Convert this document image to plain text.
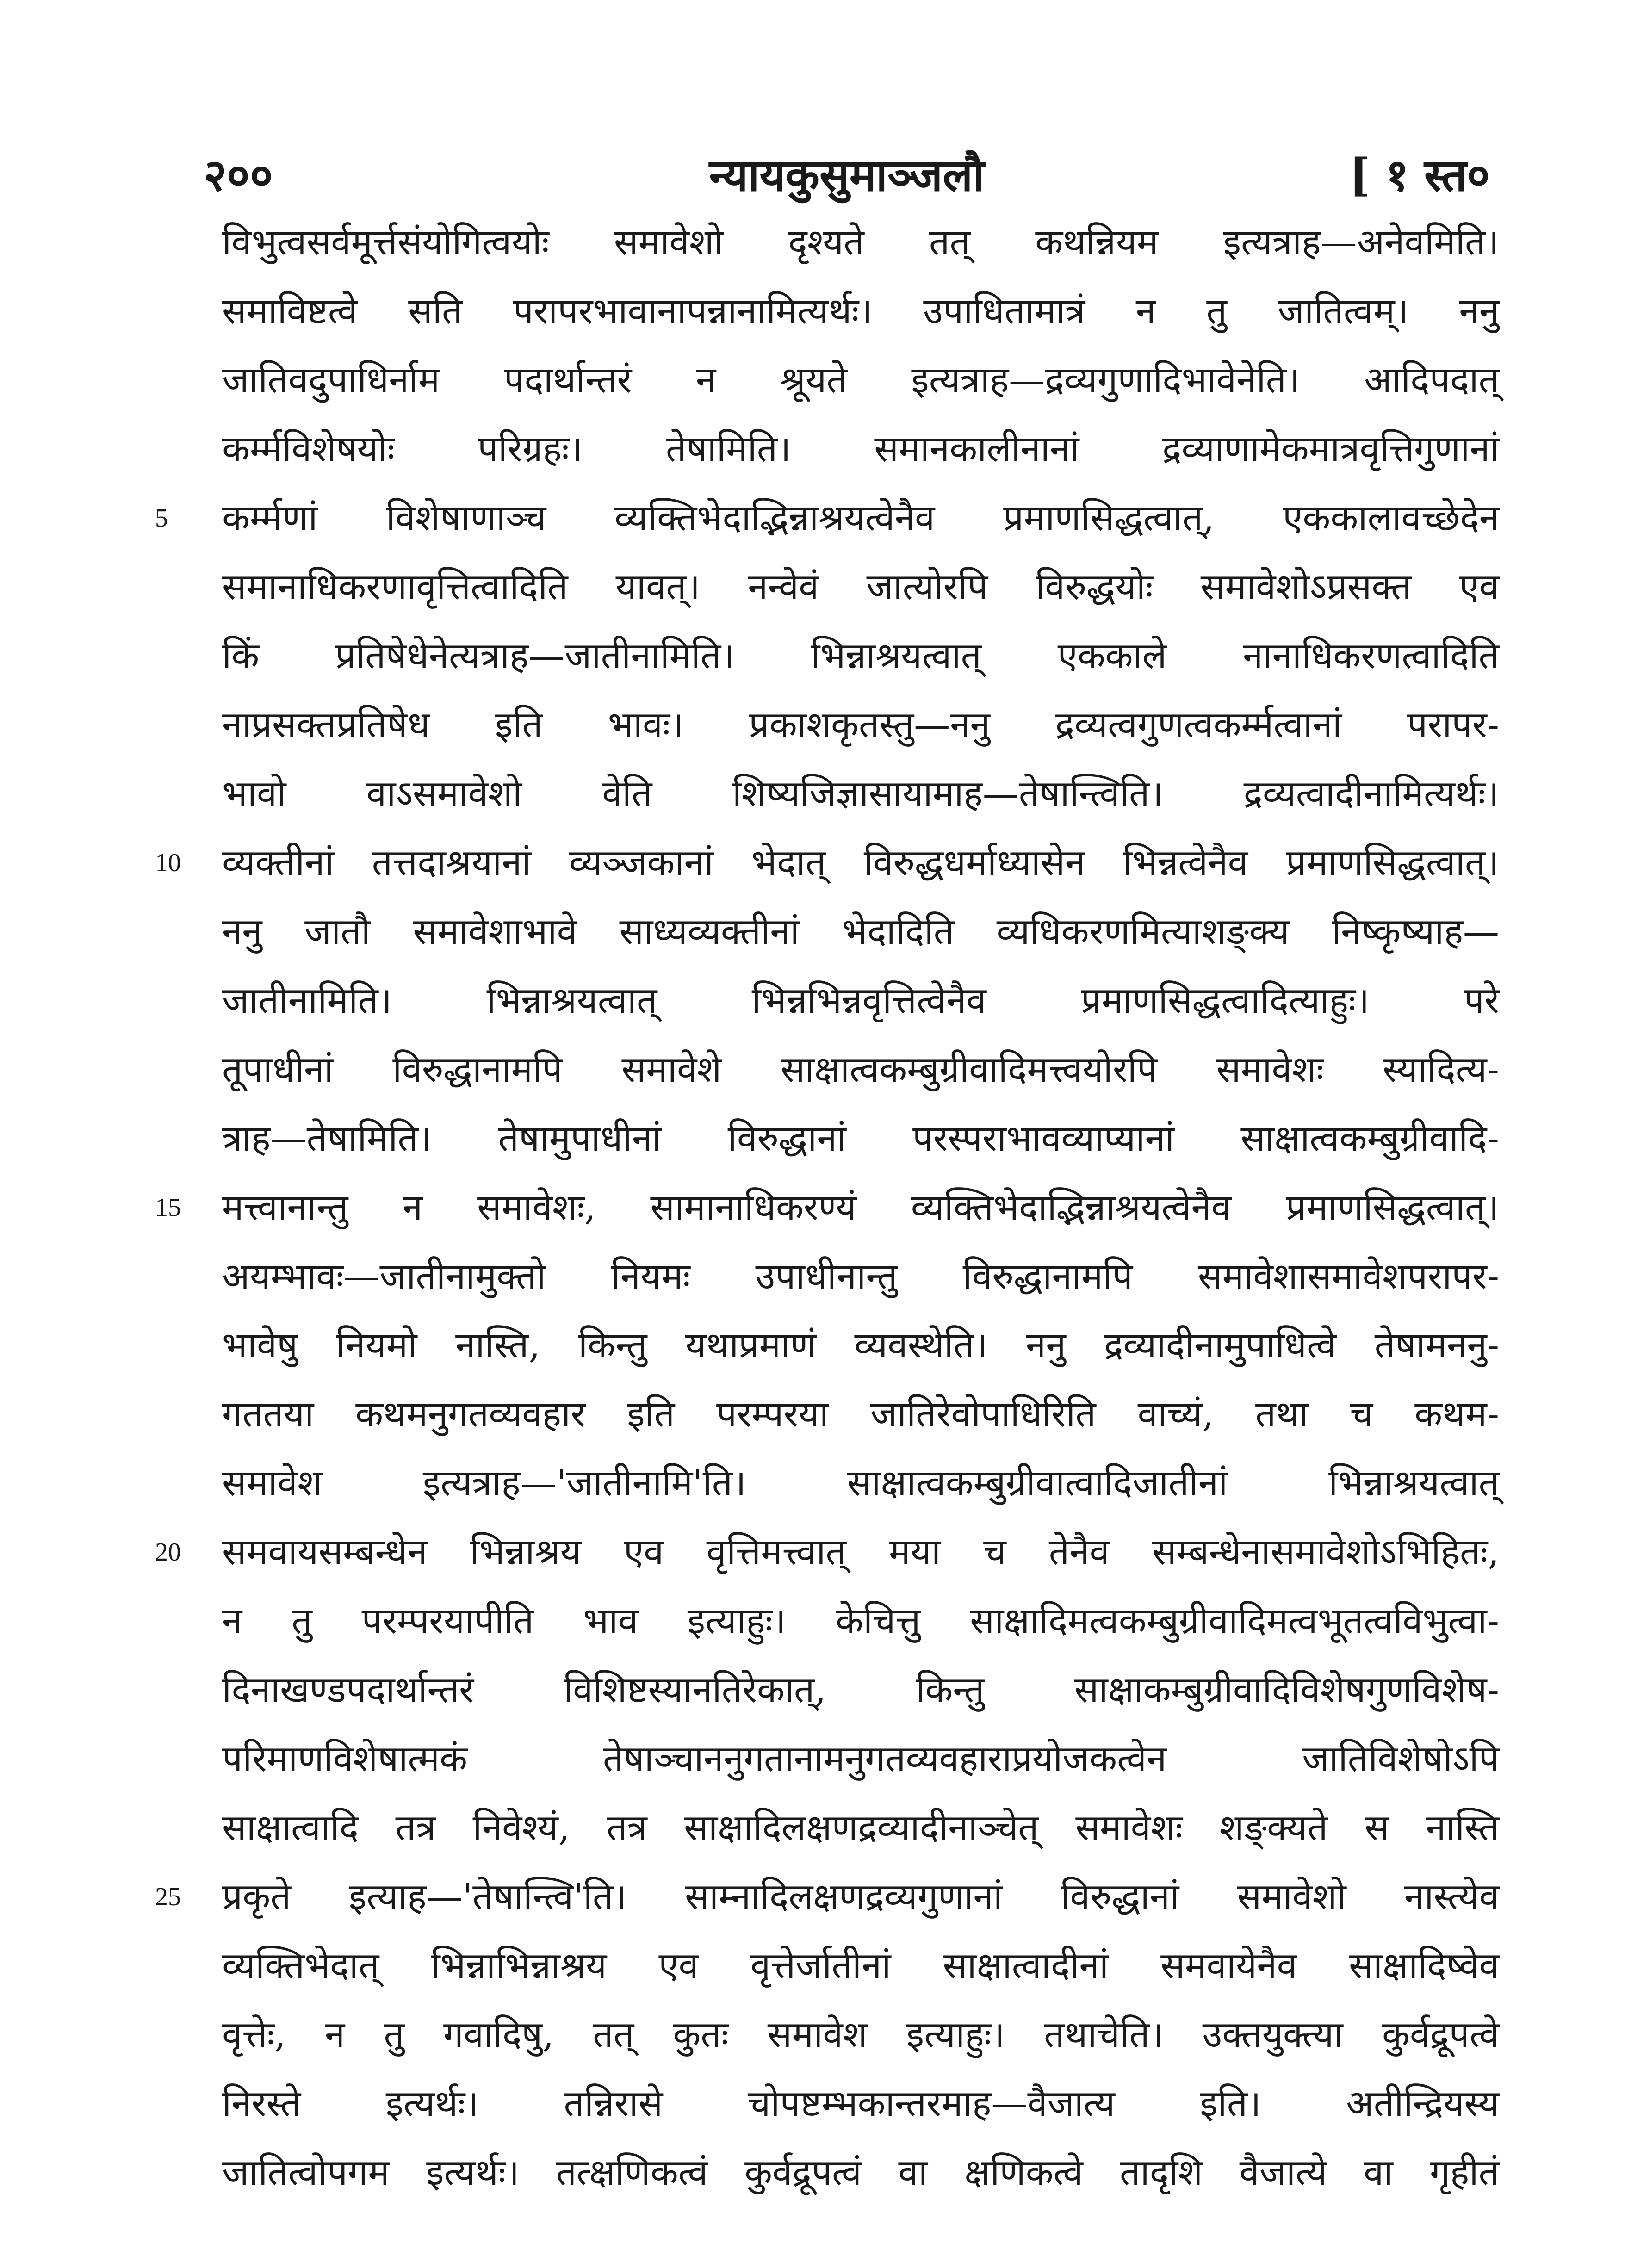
२००	न्यायकुसुमाञ्जलौ	[ १ स्त०
विभुत्वसर्वमूर्त्तसंयोगित्वयोः समावेशो दृश्यते तत् कथन्नियम इत्यत्राह—अनेवमिति।
समाविष्टत्वे सति परापरभावानापन्नानामित्यर्थः। उपाधितामात्रं न तु जातित्वम्। ननु
जातिवदुपाधिर्नाम पदार्थान्तरं न श्रूयते इत्यत्राह—द्रव्यगुणादिभावेनेति। आदिपदात्
कर्म्मविशेषयोः परिग्रहः। तेषामिति। समानकालीनानां द्रव्याणामेकमात्रवृत्तिगुणानां
5 कर्म्मणां विशेषाणाञ्च व्यक्तिभेदाद्भिन्नाश्रयत्वेनैव प्रमाणसिद्धत्वात्, एककालावच्छेदेन
समानाधिकरणावृत्तित्वादिति यावत्। नन्वेवं जात्योरपि विरुद्धयोः समावेशोऽप्रसक्त एव
किं प्रतिषेधेनेत्यत्राह—जातीनामिति। भिन्नाश्रयत्वात् एककाले नानाधिकरणत्वादिति
नाप्रसक्तप्रतिषेध इति भावः। प्रकाशकृतस्तु—ननु द्रव्यत्वगुणत्वकर्म्मत्वानां परापर-
भावो वाऽसमावेशो वेति शिष्यजिज्ञासायामाह—तेषान्त्विति। द्रव्यत्वादीनामित्यर्थः।
10 व्यक्तीनां तत्तदाश्रयानां व्यञ्जकानां भेदात् विरुद्धधर्माध्यासेन भिन्नत्वेनैव प्रमाणसिद्धत्वात्।
ननु जातौ समावेशाभावे साध्यव्यक्तीनां भेदादिति व्यधिकरणमित्याशङ्क्य निष्कृष्याह—
जातीनामिति। भिन्नाश्रयत्वात् भिन्नभिन्नवृत्तित्वेनैव प्रमाणसिद्धत्वादित्याहुः। परे
तूपाधीनां विरुद्धानामपि समावेशे साक्षात्वकम्बुग्रीवादिमत्त्वयोरपि समावेशः स्यादित्य-
त्राह—तेषामिति। तेषामुपाधीनां विरुद्धानां परस्पराभावव्याप्यानां साक्षात्वकम्बुग्रीवादि-
15 मत्त्वानान्तु न समावेशः, सामानाधिकरण्यं व्यक्तिभेदाद्भिन्नाश्रयत्वेनैव प्रमाणसिद्धत्वात्।
अयम्भावः—जातीनामुक्तो नियमः उपाधीनान्तु विरुद्धानामपि समावेशासमावेशपरापर-
भावेषु नियमो नास्ति, किन्तु यथाप्रमाणं व्यवस्थेति। ननु द्रव्यादीनामुपाधित्वे तेषामननु-
गततया कथमनुगतव्यवहार इति परम्परया जातिरेवोपाधिरिति वाच्यं, तथा च कथम-
समावेश इत्यत्राह—'जातीनामि'ति। साक्षात्वकम्बुग्रीवात्वादिजातीनां भिन्नाश्रयत्वात्
20 समवायसम्बन्धेन भिन्नाश्रय एव वृत्तिमत्त्वात् मया च तेनैव सम्बन्धेनासमावेशोऽभिहितः,
न तु परम्परयापीति भाव इत्याहुः। केचित्तु साक्षादिमत्वकम्बुग्रीवादिमत्वभूतत्वविभुत्वा-
दिनाखण्डपदार्थान्तरं विशिष्टस्यानतिरेकात्, किन्तु साक्षाकम्बुग्रीवादिविशेषगुणविशेष-
परिमाणविशेषात्मकं तेषाञ्चाननुगतानामनुगतव्यवहाराप्रयोजकत्वेन जातिविशेषोऽपि
साक्षात्वादि तत्र निवेश्यं, तत्र साक्षादिलक्षणद्रव्यादीनाञ्चेत् समावेशः शङ्क्यते स नास्ति
25 प्रकृते इत्याह—'तेषान्त्वि'ति। साम्नादिलक्षणद्रव्यगुणानां विरुद्धानां समावेशो नास्त्येव
व्यक्तिभेदात् भिन्नाभिन्नाश्रय एव वृत्तेर्जातीनां साक्षात्वादीनां समवायेनैव साक्षादिष्वेव
वृत्तेः, न तु गवादिषु, तत् कुतः समावेश इत्याहुः। तथाचेति। उक्तयुक्त्या कुर्वद्रूपत्वे
निरस्ते इत्यर्थः। तन्निरासे चोपष्टम्भकान्तरमाह—वैजात्य इति। अतीन्द्रियस्य
जातित्वोपगम इत्यर्थः। तत्क्षणिकत्वं कुर्वद्रूपत्वं वा क्षणिकत्वे तादृशि वैजात्ये वा गृहीतं
